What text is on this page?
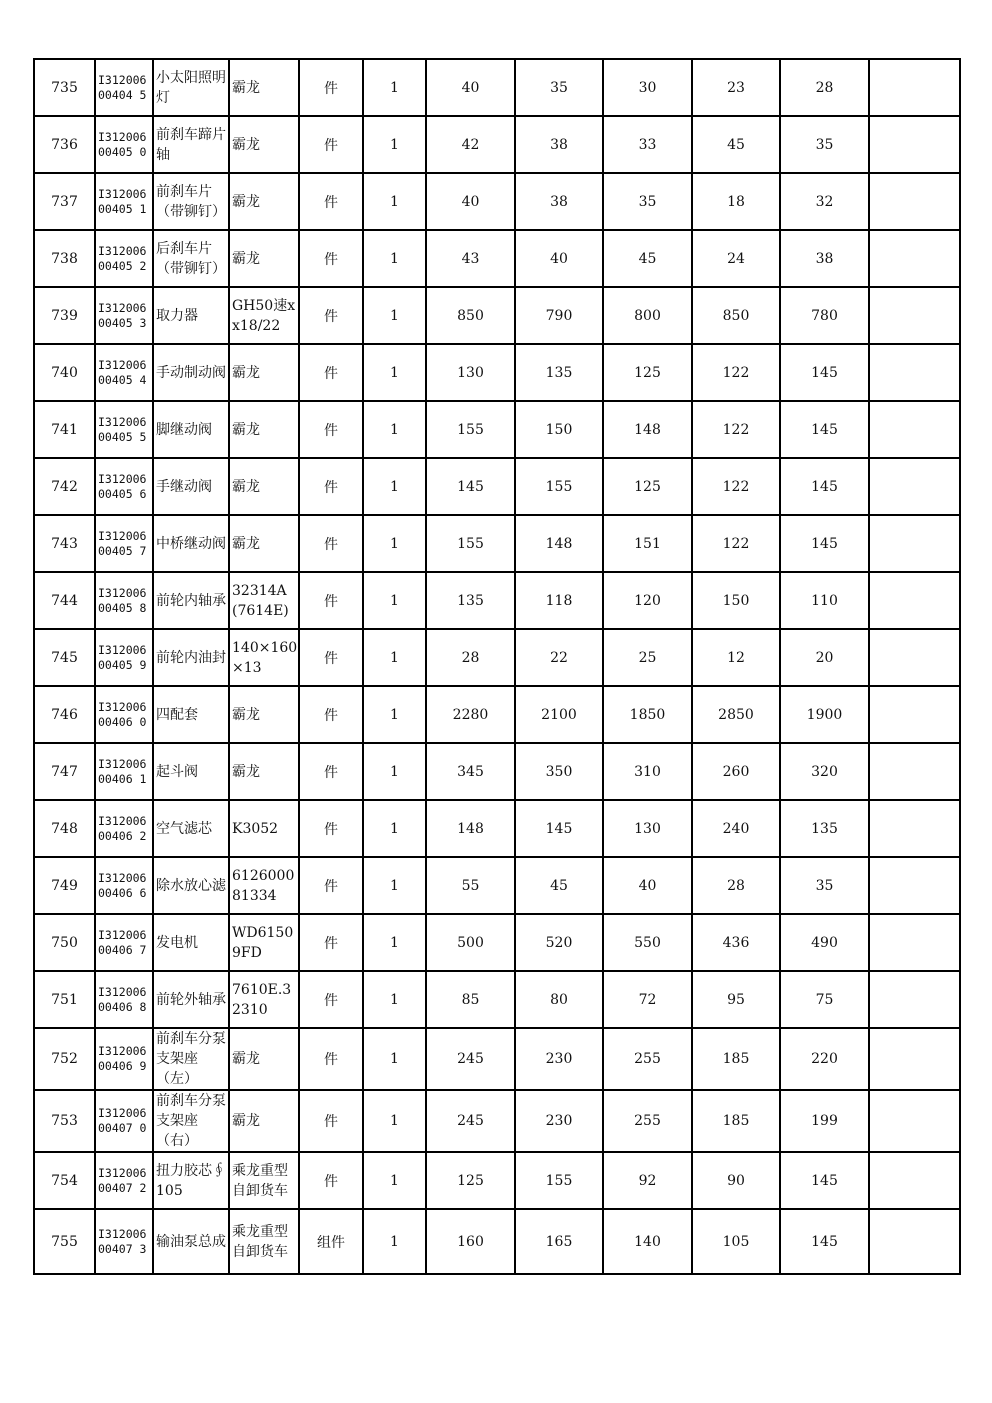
735	I31200600404 5	小太阳照明灯	霸龙	件	1	40	35	30	23	28	
736	I31200600405 0	前刹车蹄片轴	霸龙	件	1	42	38	33	45	35	
737	I31200600405 1	前刹车片（带铆钉）	霸龙	件	1	40	38	35	18	32	
738	I31200600405 2	后刹车片（带铆钉）	霸龙	件	1	43	40	45	24	38	
739	I31200600405 3	取力器	GH50速xx18/22	件	1	850	790	800	850	780	
740	I31200600405 4	手动制动阀	霸龙	件	1	130	135	125	122	145	
741	I31200600405 5	脚继动阀	霸龙	件	1	155	150	148	122	145	
742	I31200600405 6	手继动阀	霸龙	件	1	145	155	125	122	145	
743	I31200600405 7	中桥继动阀	霸龙	件	1	155	148	151	122	145	
744	I31200600405 8	前轮内轴承	32314A(7614E)	件	1	135	118	120	150	110	
745	I31200600405 9	前轮内油封	140×160×13	件	1	28	22	25	12	20	
746	I31200600406 0	四配套	霸龙	件	1	2280	2100	1850	2850	1900	
747	I31200600406 1	起斗阀	霸龙	件	1	345	350	310	260	320	
748	I31200600406 2	空气滤芯	K3052	件	1	148	145	130	240	135	
749	I31200600406 6	除水放心滤	612600081334	件	1	55	45	40	28	35	
750	I31200600406 7	发电机	WD61509FD	件	1	500	520	550	436	490	
751	I31200600406 8	前轮外轴承	7610E.32310	件	1	85	80	72	95	75	
752	I31200600406 9	前刹车分泵支架座（左）	霸龙	件	1	245	230	255	185	220	
753	I31200600407 0	前刹车分泵支架座（右）	霸龙	件	1	245	230	255	185	199	
754	I31200600407 2	扭力胶芯∮105	乘龙重型自卸货车	件	1	125	155	92	90	145	
755	I31200600407 3	输油泵总成	乘龙重型自卸货车	组件	1	160	165	140	105	145	
